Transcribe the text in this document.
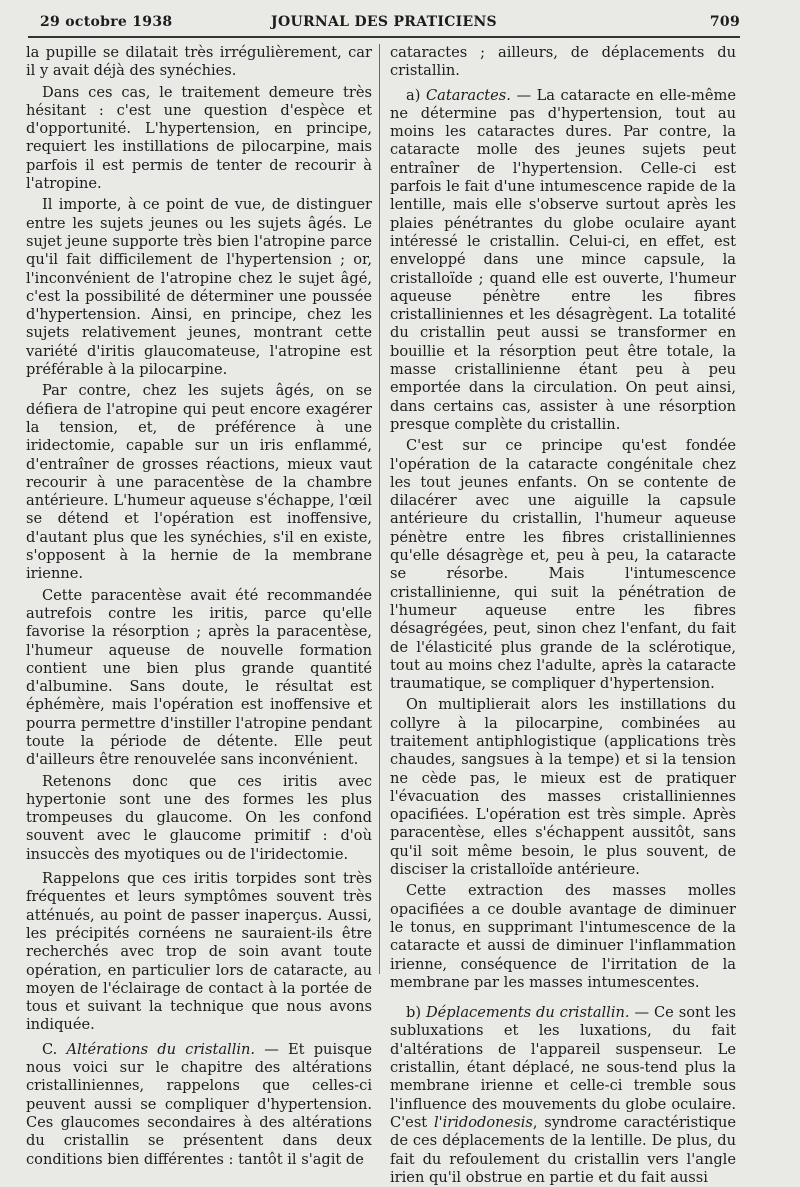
29 octobre 1938	JOURNAL DES PRATICIENS	709

la pupille se dilatait très irrégulièrement, car il y avait déjà des synéchies.

Dans ces cas, le traitement demeure très hésitant : c'est une question d'espèce et d'opportunité. L'hypertension, en principe, requiert les instillations de pilocarpine, mais parfois il est permis de tenter de recourir à l'atropine.

Il importe, à ce point de vue, de distinguer entre les sujets jeunes ou les sujets âgés. Le sujet jeune supporte très bien l'atropine parce qu'il fait difficilement de l'hypertension ; or, l'inconvénient de l'atropine chez le sujet âgé, c'est la possibilité de déterminer une poussée d'hypertension. Ainsi, en principe, chez les sujets relativement jeunes, montrant cette variété d'iritis glaucomateuse, l'atropine est préférable à la pilocarpine.

Par contre, chez les sujets âgés, on se défiera de l'atropine qui peut encore exagérer la tension, et, de préférence à une iridectomie, capable sur un iris enflammé, d'entraîner de grosses réactions, mieux vaut recourir à une paracentèse de la chambre antérieure. L'humeur aqueuse s'échappe, l'œil se détend et l'opération est inoffensive, d'autant plus que les synéchies, s'il en existe, s'opposent à la hernie de la membrane irienne.

Cette paracentèse avait été recommandée autrefois contre les iritis, parce qu'elle favorise la résorption ; après la paracentèse, l'humeur aqueuse de nouvelle formation contient une bien plus grande quantité d'albumine. Sans doute, le résultat est éphémère, mais l'opération est inoffensive et pourra permettre d'instiller l'atropine pendant toute la période de détente. Elle peut d'ailleurs être renouvelée sans inconvénient.

Retenons donc que ces iritis avec hypertonie sont une des formes les plus trompeuses du glaucome. On les confond souvent avec le glaucome primitif : d'où insuccès des myotiques ou de l'iridectomie.

Rappelons que ces iritis torpides sont très fréquentes et leurs symptômes souvent très atténués, au point de passer inaperçus. Aussi, les précipités cornéens ne sauraient-ils être recherchés avec trop de soin avant toute opération, en particulier lors de cataracte, au moyen de l'éclairage de contact à la portée de tous et suivant la technique que nous avons indiquée.

C. Altérations du cristallin. — Et puisque nous voici sur le chapitre des altérations cristalliniennes, rappelons que celles-ci peuvent aussi se compliquer d'hypertension. Ces glaucomes secondaires à des altérations du cristallin se présentent dans deux conditions bien différentes : tantôt il s'agit de

cataractes ; ailleurs, de déplacements du cristallin.

a) Cataractes. — La cataracte en elle-même ne détermine pas d'hypertension, tout au moins les cataractes dures. Par contre, la cataracte molle des jeunes sujets peut entraîner de l'hypertension. Celle-ci est parfois le fait d'une intumescence rapide de la lentille, mais elle s'observe surtout après les plaies pénétrantes du globe oculaire ayant intéressé le cristallin. Celui-ci, en effet, est enveloppé dans une mince capsule, la cristalloïde ; quand elle est ouverte, l'humeur aqueuse pénètre entre les fibres cristalliniennes et les désagrègent. La totalité du cristallin peut aussi se transformer en bouillie et la résorption peut être totale, la masse cristallinienne étant peu à peu emportée dans la circulation. On peut ainsi, dans certains cas, assister à une résorption presque complète du cristallin.

C'est sur ce principe qu'est fondée l'opération de la cataracte congénitale chez les tout jeunes enfants. On se contente de dilacérer avec une aiguille la capsule antérieure du cristallin, l'humeur aqueuse pénètre entre les fibres cristalliniennes qu'elle désagrège et, peu à peu, la cataracte se résorbe. Mais l'intumescence cristallinienne, qui suit la pénétration de l'humeur aqueuse entre les fibres désagrégées, peut, sinon chez l'enfant, du fait de l'élasticité plus grande de la sclérotique, tout au moins chez l'adulte, après la cataracte traumatique, se compliquer d'hypertension.

On multiplierait alors les instillations du collyre à la pilocarpine, combinées au traitement antiphlogistique (applications très chaudes, sangsues à la tempe) et si la tension ne cède pas, le mieux est de pratiquer l'évacuation des masses cristalliniennes opacifiées. L'opération est très simple. Après paracentèse, elles s'échappent aussitôt, sans qu'il soit même besoin, le plus souvent, de disciser la cristalloïde antérieure.

Cette extraction des masses molles opacifiées a ce double avantage de diminuer le tonus, en supprimant l'intumescence de la cataracte et aussi de diminuer l'inflammation irienne, conséquence de l'irritation de la membrane par les masses intumescentes.

b) Déplacements du cristallin. — Ce sont les subluxations et les luxations, du fait d'altérations de l'appareil suspenseur. Le cristallin, étant déplacé, ne sous-tend plus la membrane irienne et celle-ci tremble sous l'influence des mouvements du globe oculaire. C'est l'iridodonesis, syndrome caractéristique de ces déplacements de la lentille. De plus, du fait du refoulement du cristallin vers l'angle irien qu'il obstrue en partie et du fait aussi
